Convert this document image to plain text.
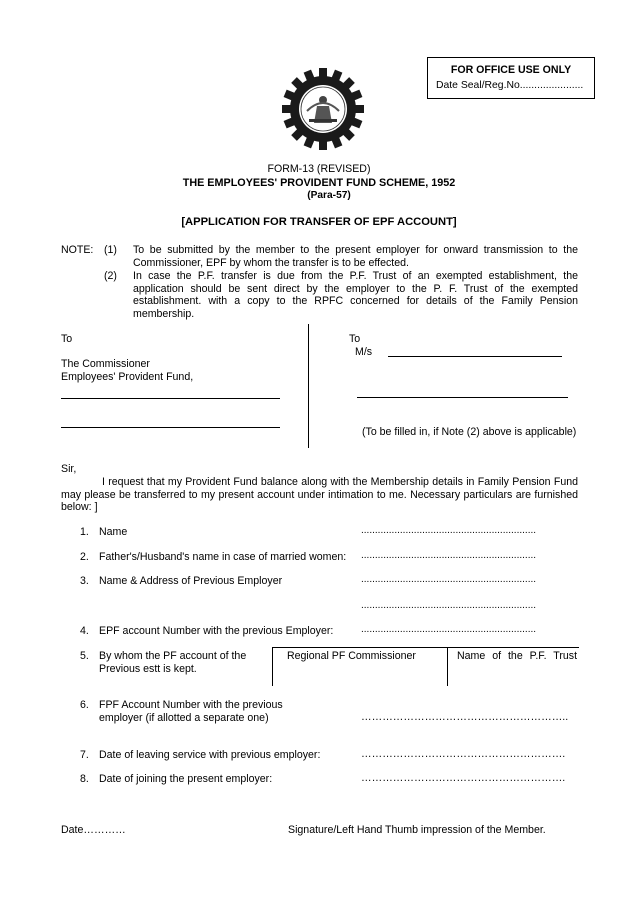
FOR OFFICE USE ONLY
Date Seal/Reg.No......................
FORM-13 (REVISED)
THE EMPLOYEES' PROVIDENT FUND SCHEME, 1952
(Para-57)
[APPLICATION FOR TRANSFER OF EPF ACCOUNT]
NOTE: (1) To be submitted by the member to the present employer for onward transmission to the Commissioner, EPF by whom the transfer is to be effected.
(2) In case the P.F. transfer is due from the P.F. Trust of an exempted establishment, the application should be sent direct by the employer to the P. F. Trust of the exempted establishment. with a copy to the RPFC concerned for details of the Family Pension membership.
To
The Commissioner
Employees' Provident Fund,
To
M/s
(To be filled in, if Note (2) above is applicable)
Sir,
I request that my Provident Fund balance along with the Membership details in Family Pension Fund may please be transferred to my present account under intimation to me. Necessary particulars are furnished below: ]
1. Name	...............................................................
2. Father's/Husband's name in case of married women: ...............................................................
3. Name & Address of Previous Employer	...............................................................
...............................................................
4. EPF account Number with the previous Employer:	...............................................................
5. By whom the PF account of the
Previous estt is kept.
Regional PF Commissioner	Name of the P.F. Trust
6. FPF Account Number with the previous
employer (if allotted a separate one)	…………………………………………………..
7. Date of leaving service with previous employer:	………………………………………………….
8. Date of joining the present employer:	………………………………………………….
Date…………	Signature/Left Hand Thumb impression of the Member.
